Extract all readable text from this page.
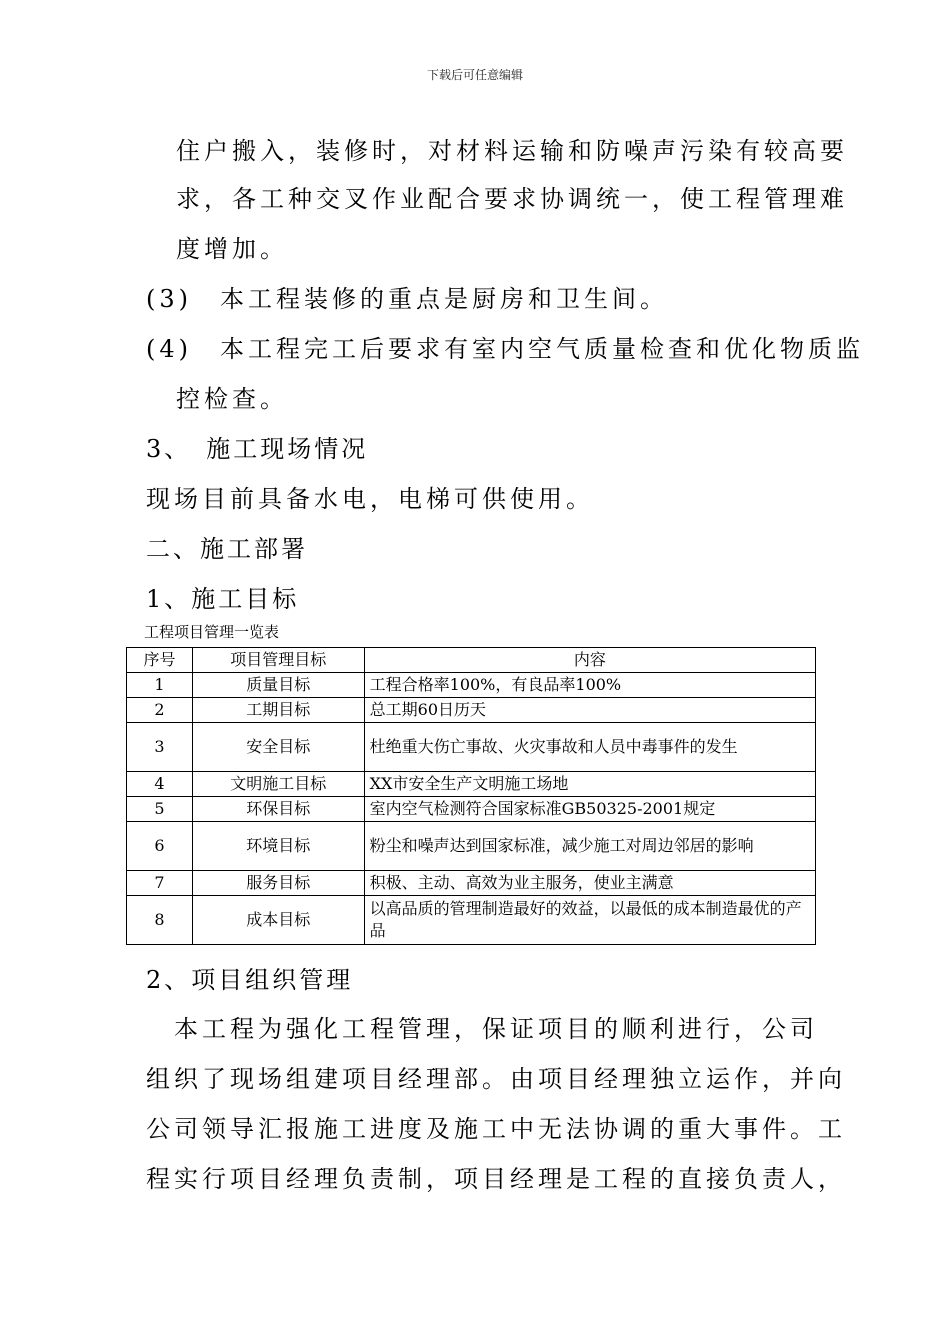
下载后可任意编辑
住户搬入，装修时，对材料运输和防噪声污染有较高要
求，各工种交叉作业配合要求协调统一，使工程管理难
度增加。
(3)　本工程装修的重点是厨房和卫生间。
(4)　本工程完工后要求有室内空气质量检查和优化物质监
控检查。
3、　施工现场情况
现场目前具备水电，电梯可供使用。
二、施工部署
1、施工目标
工程项目管理一览表
序号	项目管理目标	内容
1	质量目标	工程合格率100%，有良品率100%
2	工期目标	总工期60日历天
3	安全目标	杜绝重大伤亡事故、火灾事故和人员中毒事件的发生
4	文明施工目标	XX市安全生产文明施工场地
5	环保目标	室内空气检测符合国家标准GB50325-2001规定
6	环境目标	粉尘和噪声达到国家标准，减少施工对周边邻居的影响
7	服务目标	积极、主动、高效为业主服务，使业主满意
8	成本目标	以高品质的管理制造最好的效益，以最低的成本制造最优的产品
2、项目组织管理
　本工程为强化工程管理，保证项目的顺利进行，公司
组织了现场组建项目经理部。由项目经理独立运作，并向
公司领导汇报施工进度及施工中无法协调的重大事件。工
程实行项目经理负责制，项目经理是工程的直接负责人，
